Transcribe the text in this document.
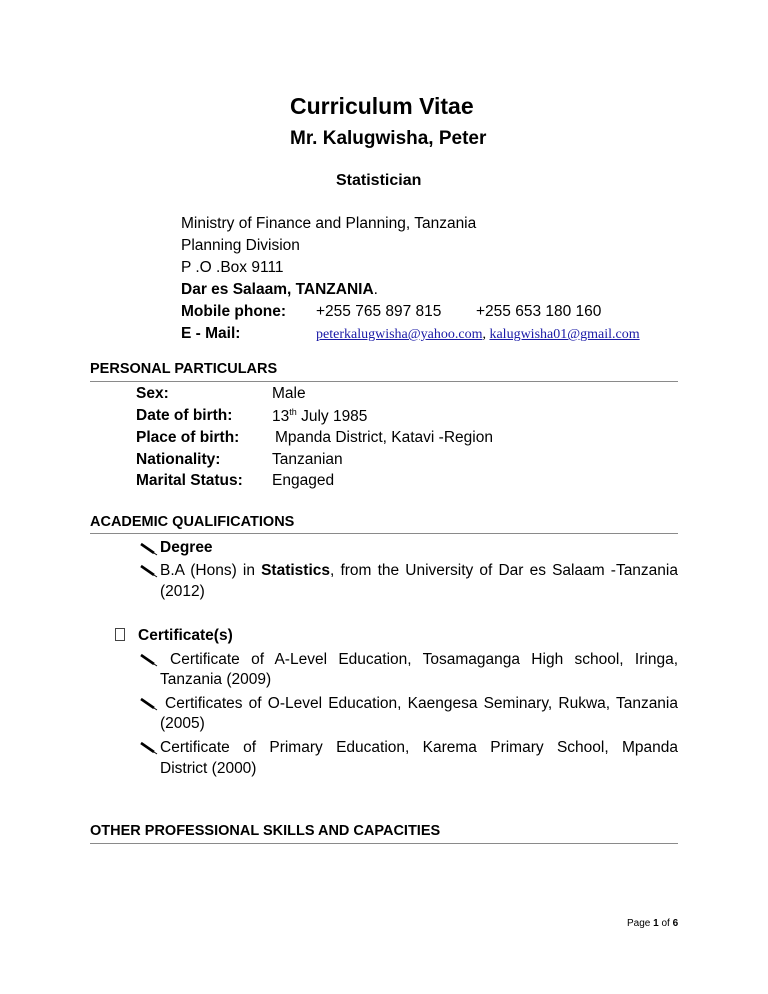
Curriculum Vitae
Mr. Kalugwisha, Peter
Statistician
Ministry of Finance and Planning, Tanzania
Planning Division
P .O .Box 9111
Dar es Salaam, TANZANIA.
Mobile phone: +255 765 897 815 +255 653 180 160
E - Mail:	peterkalugwisha@yahoo.com, kalugwisha01@gmail.com
PERSONAL PARTICULARS
Sex:	Male
Date of birth:	13th July 1985
Place of birth: Mpanda District, Katavi -Region
Nationality:	Tanzanian
Marital Status: Engaged
ACADEMIC QUALIFICATIONS
Degree
B.A (Hons) in Statistics, from the University of Dar es Salaam -Tanzania
(2012)
Certificate(s)
Certificate of A-Level Education, Tosamaganga High school, Iringa,
Tanzania (2009)
Certificates of O-Level Education, Kaengesa Seminary, Rukwa, Tanzania
(2005)
Certificate of Primary Education, Karema Primary School, Mpanda
District (2000)
OTHER PROFESSIONAL SKILLS AND CAPACITIES
Page 1 of 6
